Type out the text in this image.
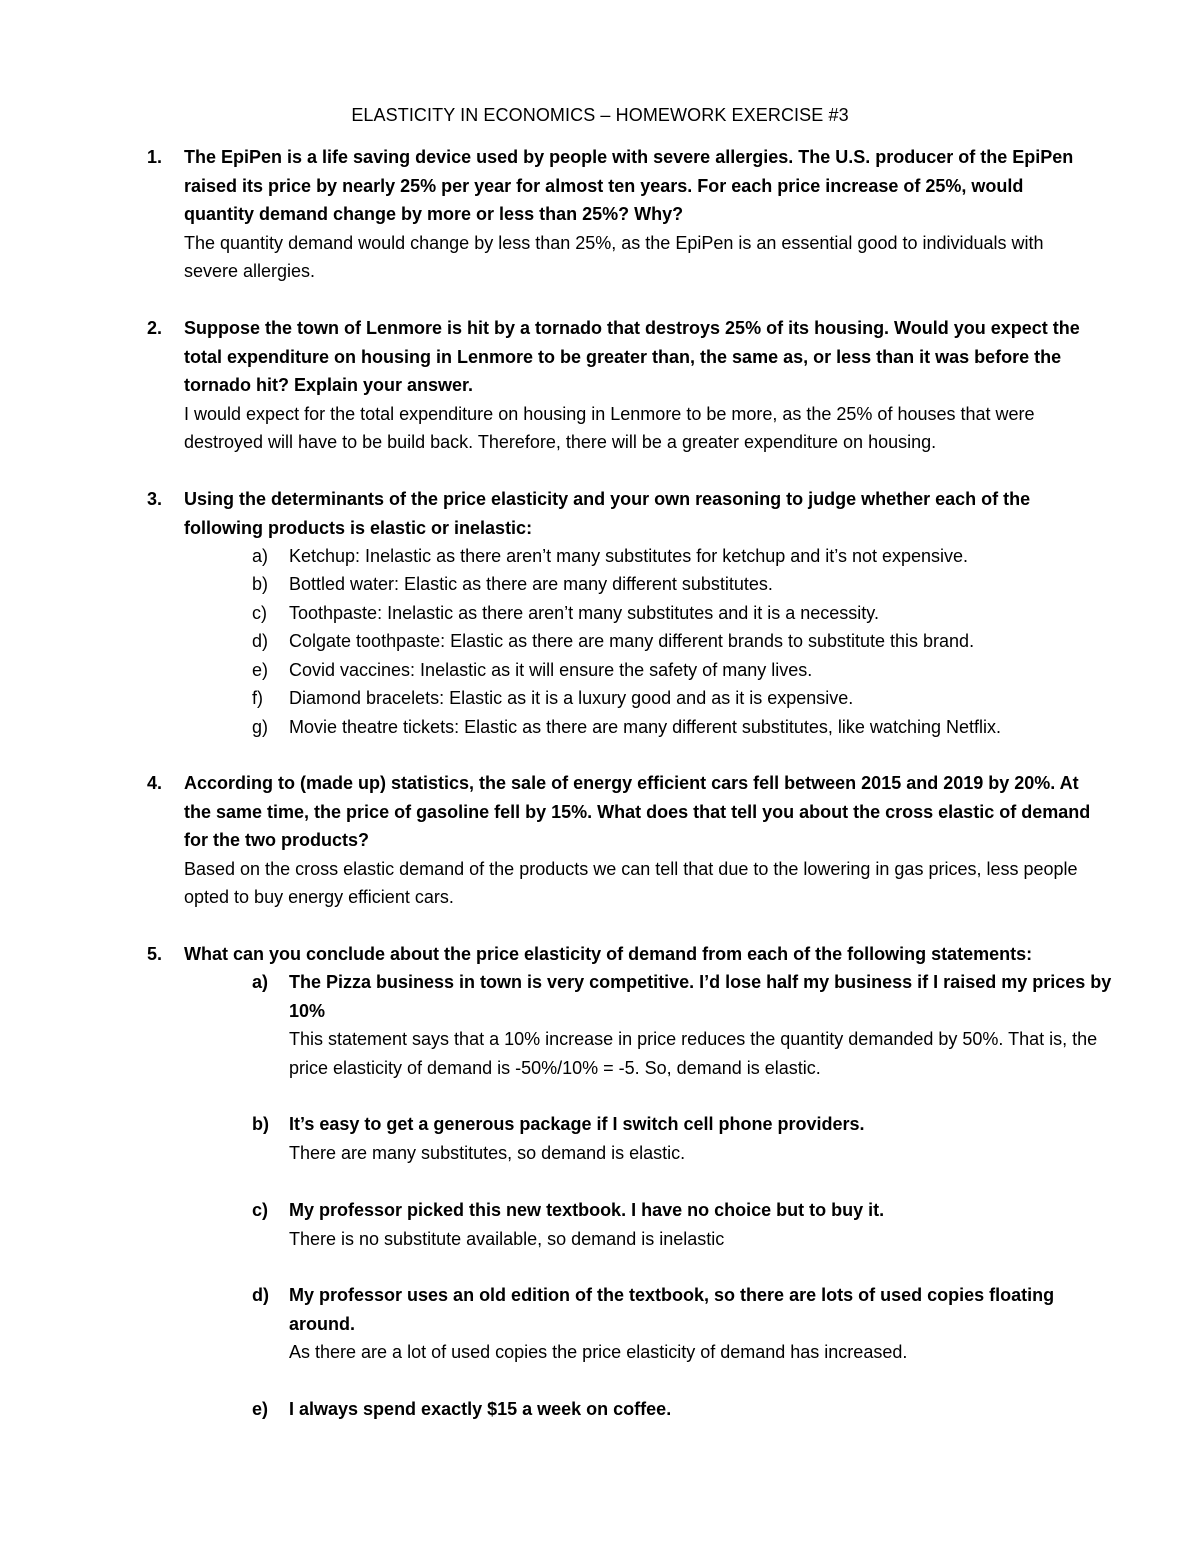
ELASTICITY IN ECONOMICS – HOMEWORK EXERCISE #3
1.	The EpiPen is a life saving device used by people with severe allergies. The U.S. producer of the EpiPen raised its price by nearly 25% per year for almost ten years. For each price increase of 25%, would quantity demand change by more or less than 25%? Why?
The quantity demand would change by less than 25%, as the EpiPen is an essential good to individuals with severe allergies.
2.	Suppose the town of Lenmore is hit by a tornado that destroys 25% of its housing. Would you expect the total expenditure on housing in Lenmore to be greater than, the same as, or less than it was before the tornado hit? Explain your answer.
I would expect for the total expenditure on housing in Lenmore to be more, as the 25% of houses that were destroyed will have to be build back. Therefore, there will be a greater expenditure on housing.
3.	Using the determinants of the price elasticity and your own reasoning to judge whether each of the following products is elastic or inelastic:
a)	Ketchup: Inelastic as there aren’t many substitutes for ketchup and it’s not expensive.
b)	Bottled water: Elastic as there are many different substitutes.
c)	Toothpaste: Inelastic as there aren’t many substitutes and it is a necessity.
d)	Colgate toothpaste: Elastic as there are many different brands to substitute this brand.
e)	Covid vaccines: Inelastic as it will ensure the safety of many lives.
f)	Diamond bracelets: Elastic as it is a luxury good and as it is expensive.
g)	Movie theatre tickets: Elastic as there are many different substitutes, like watching Netflix.
4.	According to (made up) statistics, the sale of energy efficient cars fell between 2015 and 2019 by 20%. At the same time, the price of gasoline fell by 15%. What does that tell you about the cross elastic of demand for the two products?
Based on the cross elastic demand of the products we can tell that due to the lowering in gas prices, less people opted to buy energy efficient cars.
5.	What can you conclude about the price elasticity of demand from each of the following statements:
a)	The Pizza business in town is very competitive. I’d lose half my business if I raised my prices by 10%
This statement says that a 10% increase in price reduces the quantity demanded by 50%. That is, the price elasticity of demand is -50%/10% = -5. So, demand is elastic.
b)	It’s easy to get a generous package if I switch cell phone providers.
There are many substitutes, so demand is elastic.
c)	My professor picked this new textbook. I have no choice but to buy it.
There is no substitute available, so demand is inelastic
d)	My professor uses an old edition of the textbook, so there are lots of used copies floating around.
As there are a lot of used copies the price elasticity of demand has increased.
e)	I always spend exactly $15 a week on coffee.
